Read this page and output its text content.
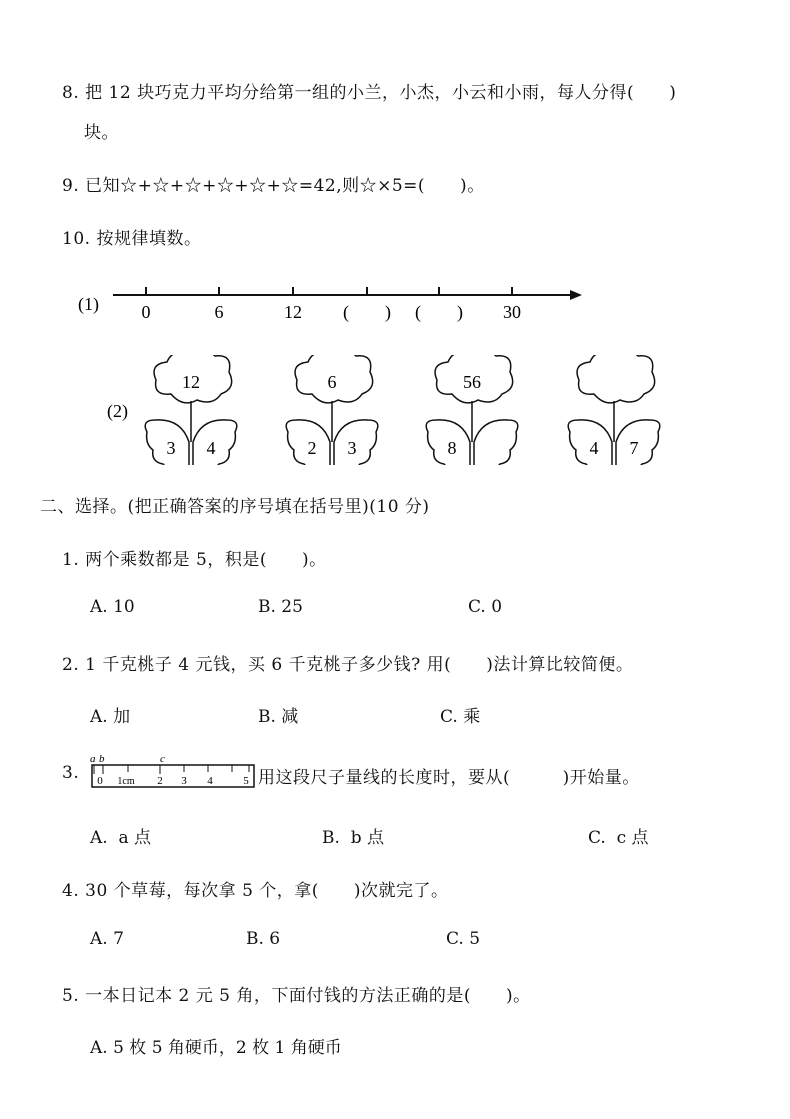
8. 把 12 块巧克力平均分给第一组的小兰，小杰，小云和小雨，每人分得(　　)
块。
9. 已知☆+☆+☆+☆+☆+☆=42,则☆×5=(　　)。
10. 按规律填数。
(1) 0	6	12 (　　) (　　) 30
(2)
12
3 4
6
2 3
56
8	4 7
二、选择。(把正确答案的序号填在括号里)(10 分)
1. 两个乘数都是 5，积是(　　)。
A. 10	B. 25	C. 0
2. 1 千克桃子 4 元钱，买 6 千克桃子多少钱? 用(　　)法计算比较简便。
A. 加	B. 减	C. 乘
3.
a b	c
0 1cm 2 3 4	5 用这段尺子量线的长度时，要从(　　　)开始量。
A.  a 点	B.  b 点	C.  c 点
4. 30 个草莓，每次拿 5 个，拿(　　)次就完了。
A. 7	B. 6	C. 5
5. 一本日记本 2 元 5 角，下面付钱的方法正确的是(　　)。
A. 5 枚 5 角硬币，2 枚 1 角硬币
